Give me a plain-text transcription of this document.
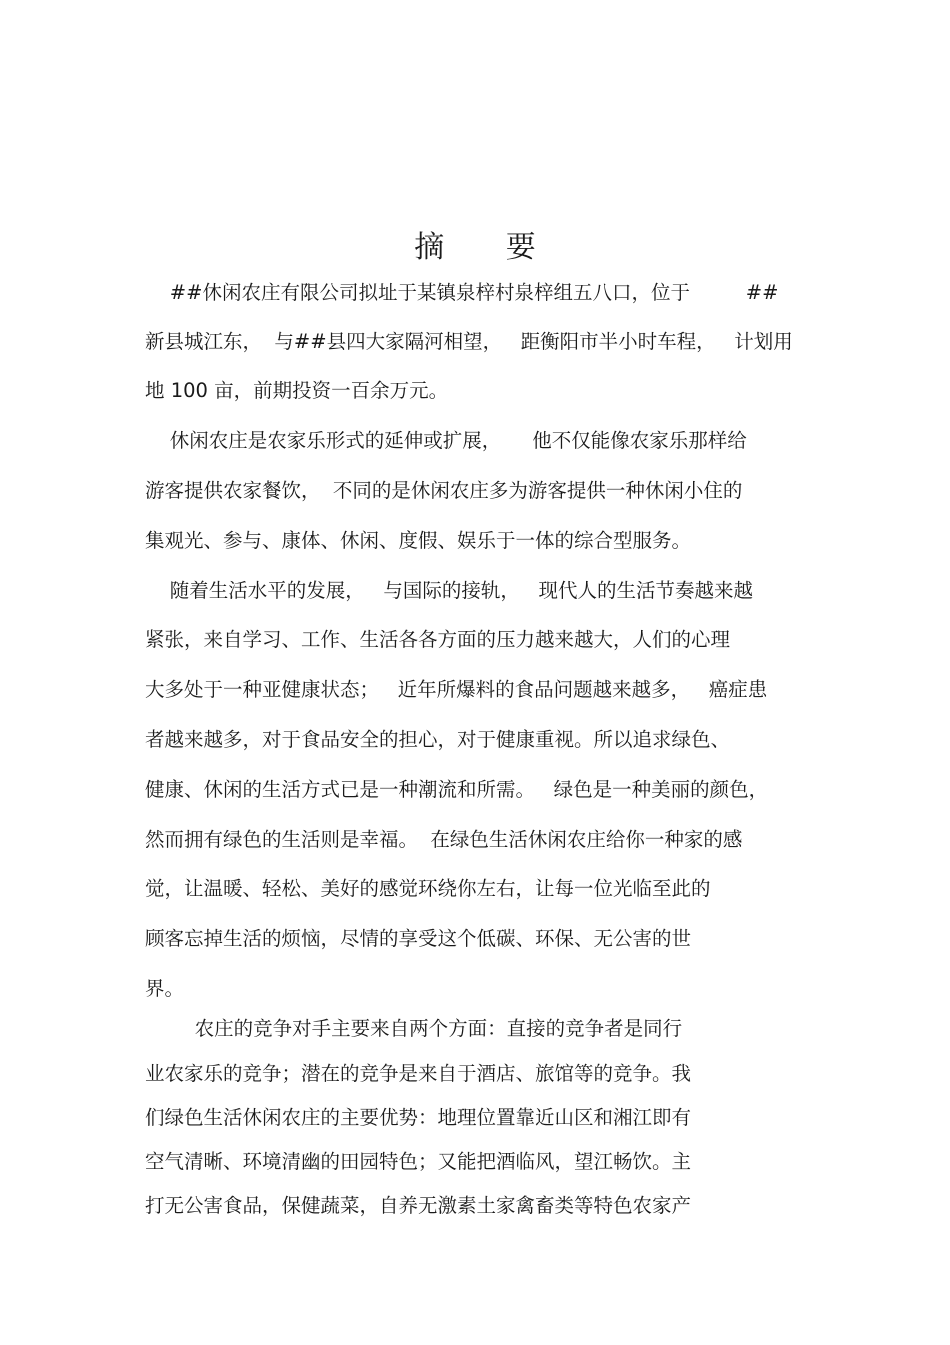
摘 要
##休闲农庄有限公司拟址于某镇泉梓村泉梓组五八口，位于         ##
新县城江东，  与##县四大家隔河相望，   距衡阳市半小时车程，   计划用
地 100 亩，前期投资一百余万元。
休闲农庄是农家乐形式的延伸或扩展，     他不仅能像农家乐那样给
游客提供农家餐饮，  不同的是休闲农庄多为游客提供一种休闲小住的
集观光、参与、康体、休闲、度假、娱乐于一体的综合型服务。
随着生活水平的发展，   与国际的接轨，   现代人的生活节奏越来越
紧张，来自学习、工作、生活各各方面的压力越来越大，人们的心理
大多处于一种亚健康状态；   近年所爆料的食品问题越来越多，   癌症患
者越来越多，对于食品安全的担心，对于健康重视。所以追求绿色、
健康、休闲的生活方式已是一种潮流和所需。   绿色是一种美丽的颜色，
然而拥有绿色的生活则是幸福。  在绿色生活休闲农庄给你一种家的感
觉，让温暖、轻松、美好的感觉环绕你左右，让每一位光临至此的
顾客忘掉生活的烦恼，尽情的享受这个低碳、环保、无公害的世
界。
农庄的竞争对手主要来自两个方面：直接的竞争者是同行
业农家乐的竞争；潜在的竞争是来自于酒店、旅馆等的竞争。我
们绿色生活休闲农庄的主要优势：地理位置靠近山区和湘江即有
空气清晰、环境清幽的田园特色；又能把酒临风，望江畅饮。主
打无公害食品，保健蔬菜，自养无激素土家禽畜类等特色农家产
